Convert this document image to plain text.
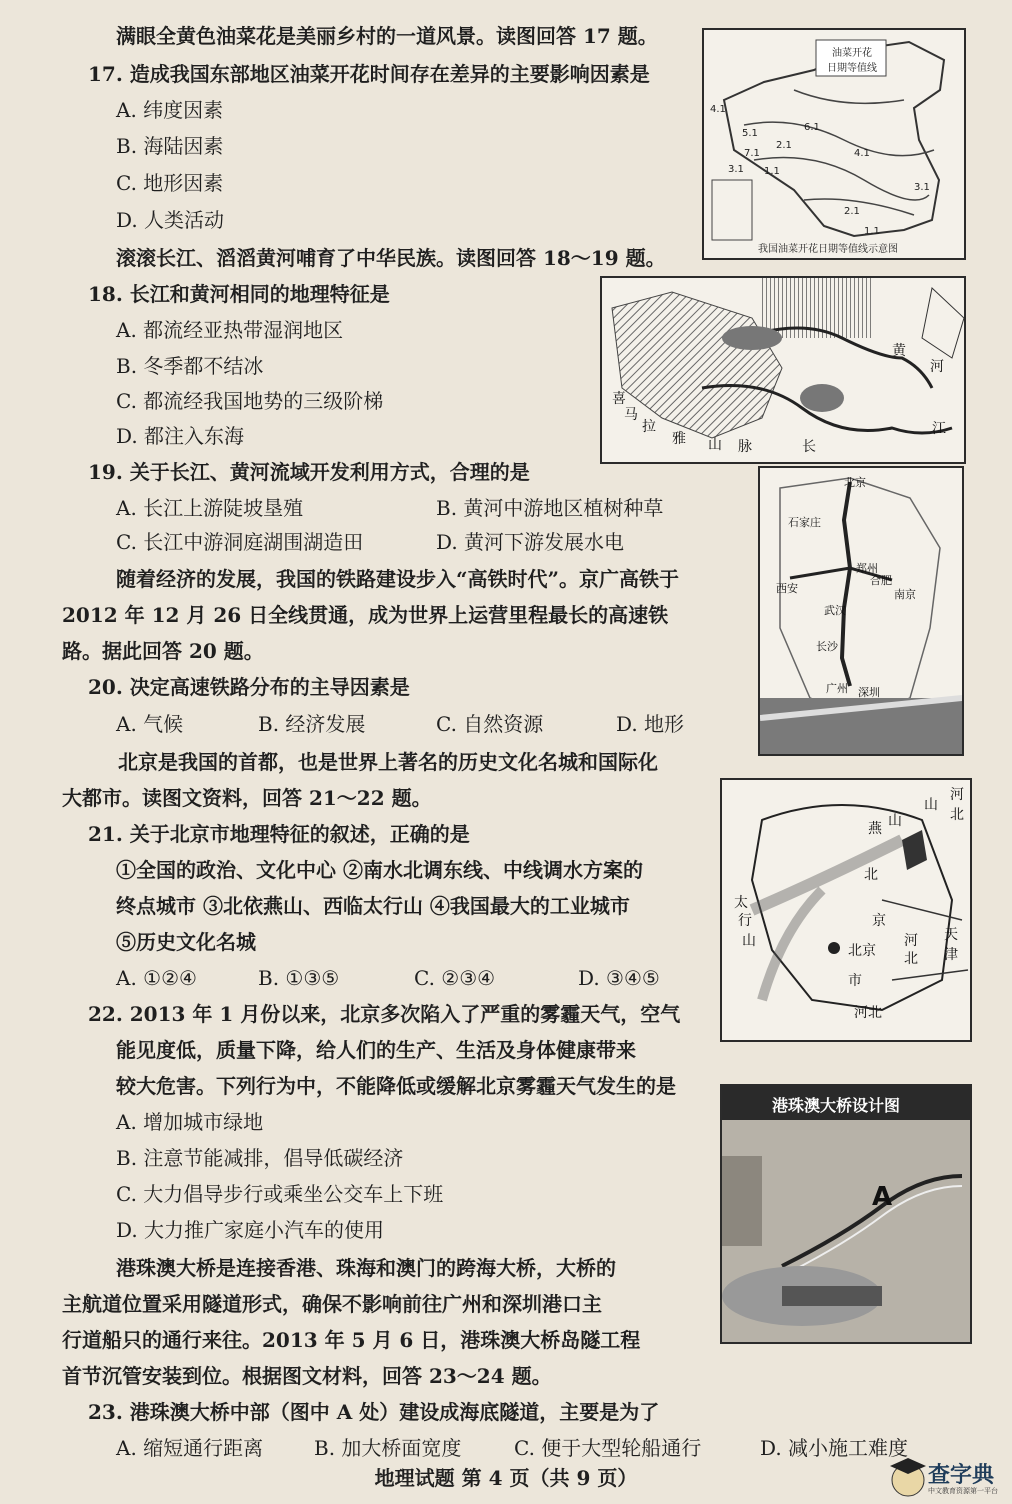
满眼全黄色油菜花是美丽乡村的一道风景。读图回答 17 题。
17. 造成我国东部地区油菜开花时间存在差异的主要影响因素是
A. 纬度因素
B. 海陆因素
C. 地形因素
D. 人类活动
滚滚长江、滔滔黄河哺育了中华民族。读图回答 18～19 题。
18. 长江和黄河相同的地理特征是
A. 都流经亚热带湿润地区
B. 冬季都不结冰
C. 都流经我国地势的三级阶梯
D. 都注入东海
19. 关于长江、黄河流域开发利用方式，合理的是
A. 长江上游陡坡垦殖	B. 黄河中游地区植树种草
C. 长江中游洞庭湖围湖造田	D. 黄河下游发展水电
随着经济的发展，我国的铁路建设步入“高铁时代”。京广高铁于
2012 年 12 月 26 日全线贯通，成为世界上运营里程最长的高速铁
路。据此回答 20 题。
20. 决定高速铁路分布的主导因素是
A. 气候	B. 经济发展	C. 自然资源	D. 地形
北京是我国的首都，也是世界上著名的历史文化名城和国际化
大都市。读图文资料，回答 21～22 题。
21. 关于北京市地理特征的叙述，正确的是
①全国的政治、文化中心 ②南水北调东线、中线调水方案的
终点城市 ③北依燕山、西临太行山 ④我国最大的工业城市
⑤历史文化名城
A. ①②④	B. ①③⑤	C. ②③④	D. ③④⑤
22. 2013 年 1 月份以来，北京多次陷入了严重的雾霾天气，空气
能见度低，质量下降，给人们的生产、生活及身体健康带来
较大危害。下列行为中，不能降低或缓解北京雾霾天气发生的是
A. 增加城市绿地
B. 注意节能减排，倡导低碳经济
C. 大力倡导步行或乘坐公交车上下班
D. 大力推广家庭小汽车的使用
港珠澳大桥是连接香港、珠海和澳门的跨海大桥，大桥的
主航道位置采用隧道形式，确保不影响前往广州和深圳港口主
行道船只的通行来往。2013 年 5 月 6 日，港珠澳大桥岛隧工程
首节沉管安装到位。根据图文材料，回答 23～24 题。
23. 港珠澳大桥中部（图中 A 处）建设成海底隧道，主要是为了
A. 缩短通行距离	B. 加大桥面宽度	C. 便于大型轮船通行	D. 减小施工难度
油菜开花
日期等值线
我国油菜开花日期等值线示意图
4.1
5.1
6.1
7.1
2.1
3.1 1.1
4.1
3.1
2.1
1.1
黄
河
江
长
喜
马
拉
雅 山 脉
北京
石家庄
郑州
合肥
南京
西安
武汉
长沙
广州 深圳
河
北
山
燕 山
北
京
太
行
山
北京
河
北
天
津
市
河北
港珠澳大桥设计图
A
地理试题 第 4 页（共 9 页）	查字典
中文教育资源第一平台
